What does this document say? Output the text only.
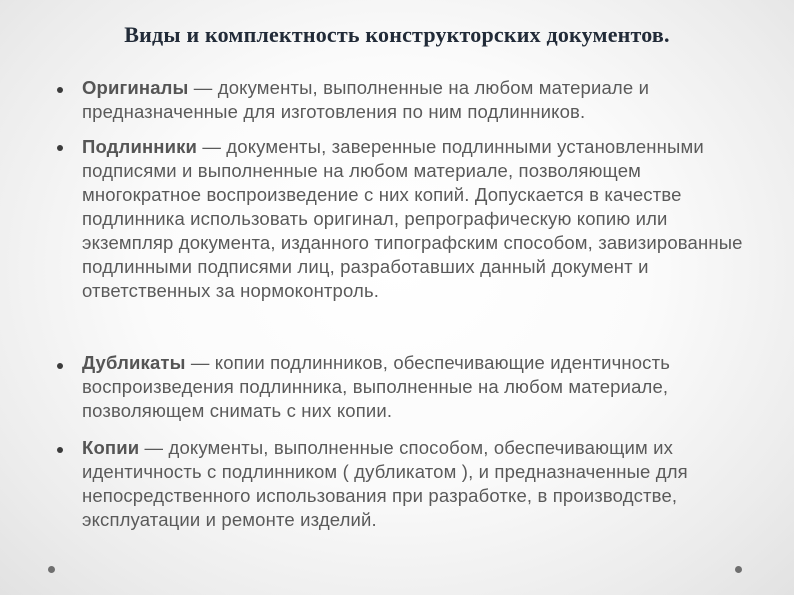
Виды и комплектность конструкторских документов.
Оригиналы — документы, выполненные на любом материале и предназначенные для изготовления по ним подлинников.
Подлинники — документы, заверенные подлинными установленными подписями и выполненные на любом материале, позволяющем многократное воспроизведение с них копий. Допускается в качестве подлинника использовать оригинал, репрографическую копию или экземпляр документа, изданного типографским способом, завизированные подлинными подписями лиц, разработавших данный документ и ответственных за нормоконтроль.
Дубликаты — копии подлинников, обеспечивающие идентичность воспроизведения подлинника, выполненные на любом материале, позволяющем снимать с них копии.
Копии — документы, выполненные способом, обеспечивающим их идентичность с подлинником ( дубликатом ), и предназначенные для непосредственного использования при разработке, в производстве, эксплуатации и ремонте изделий.
